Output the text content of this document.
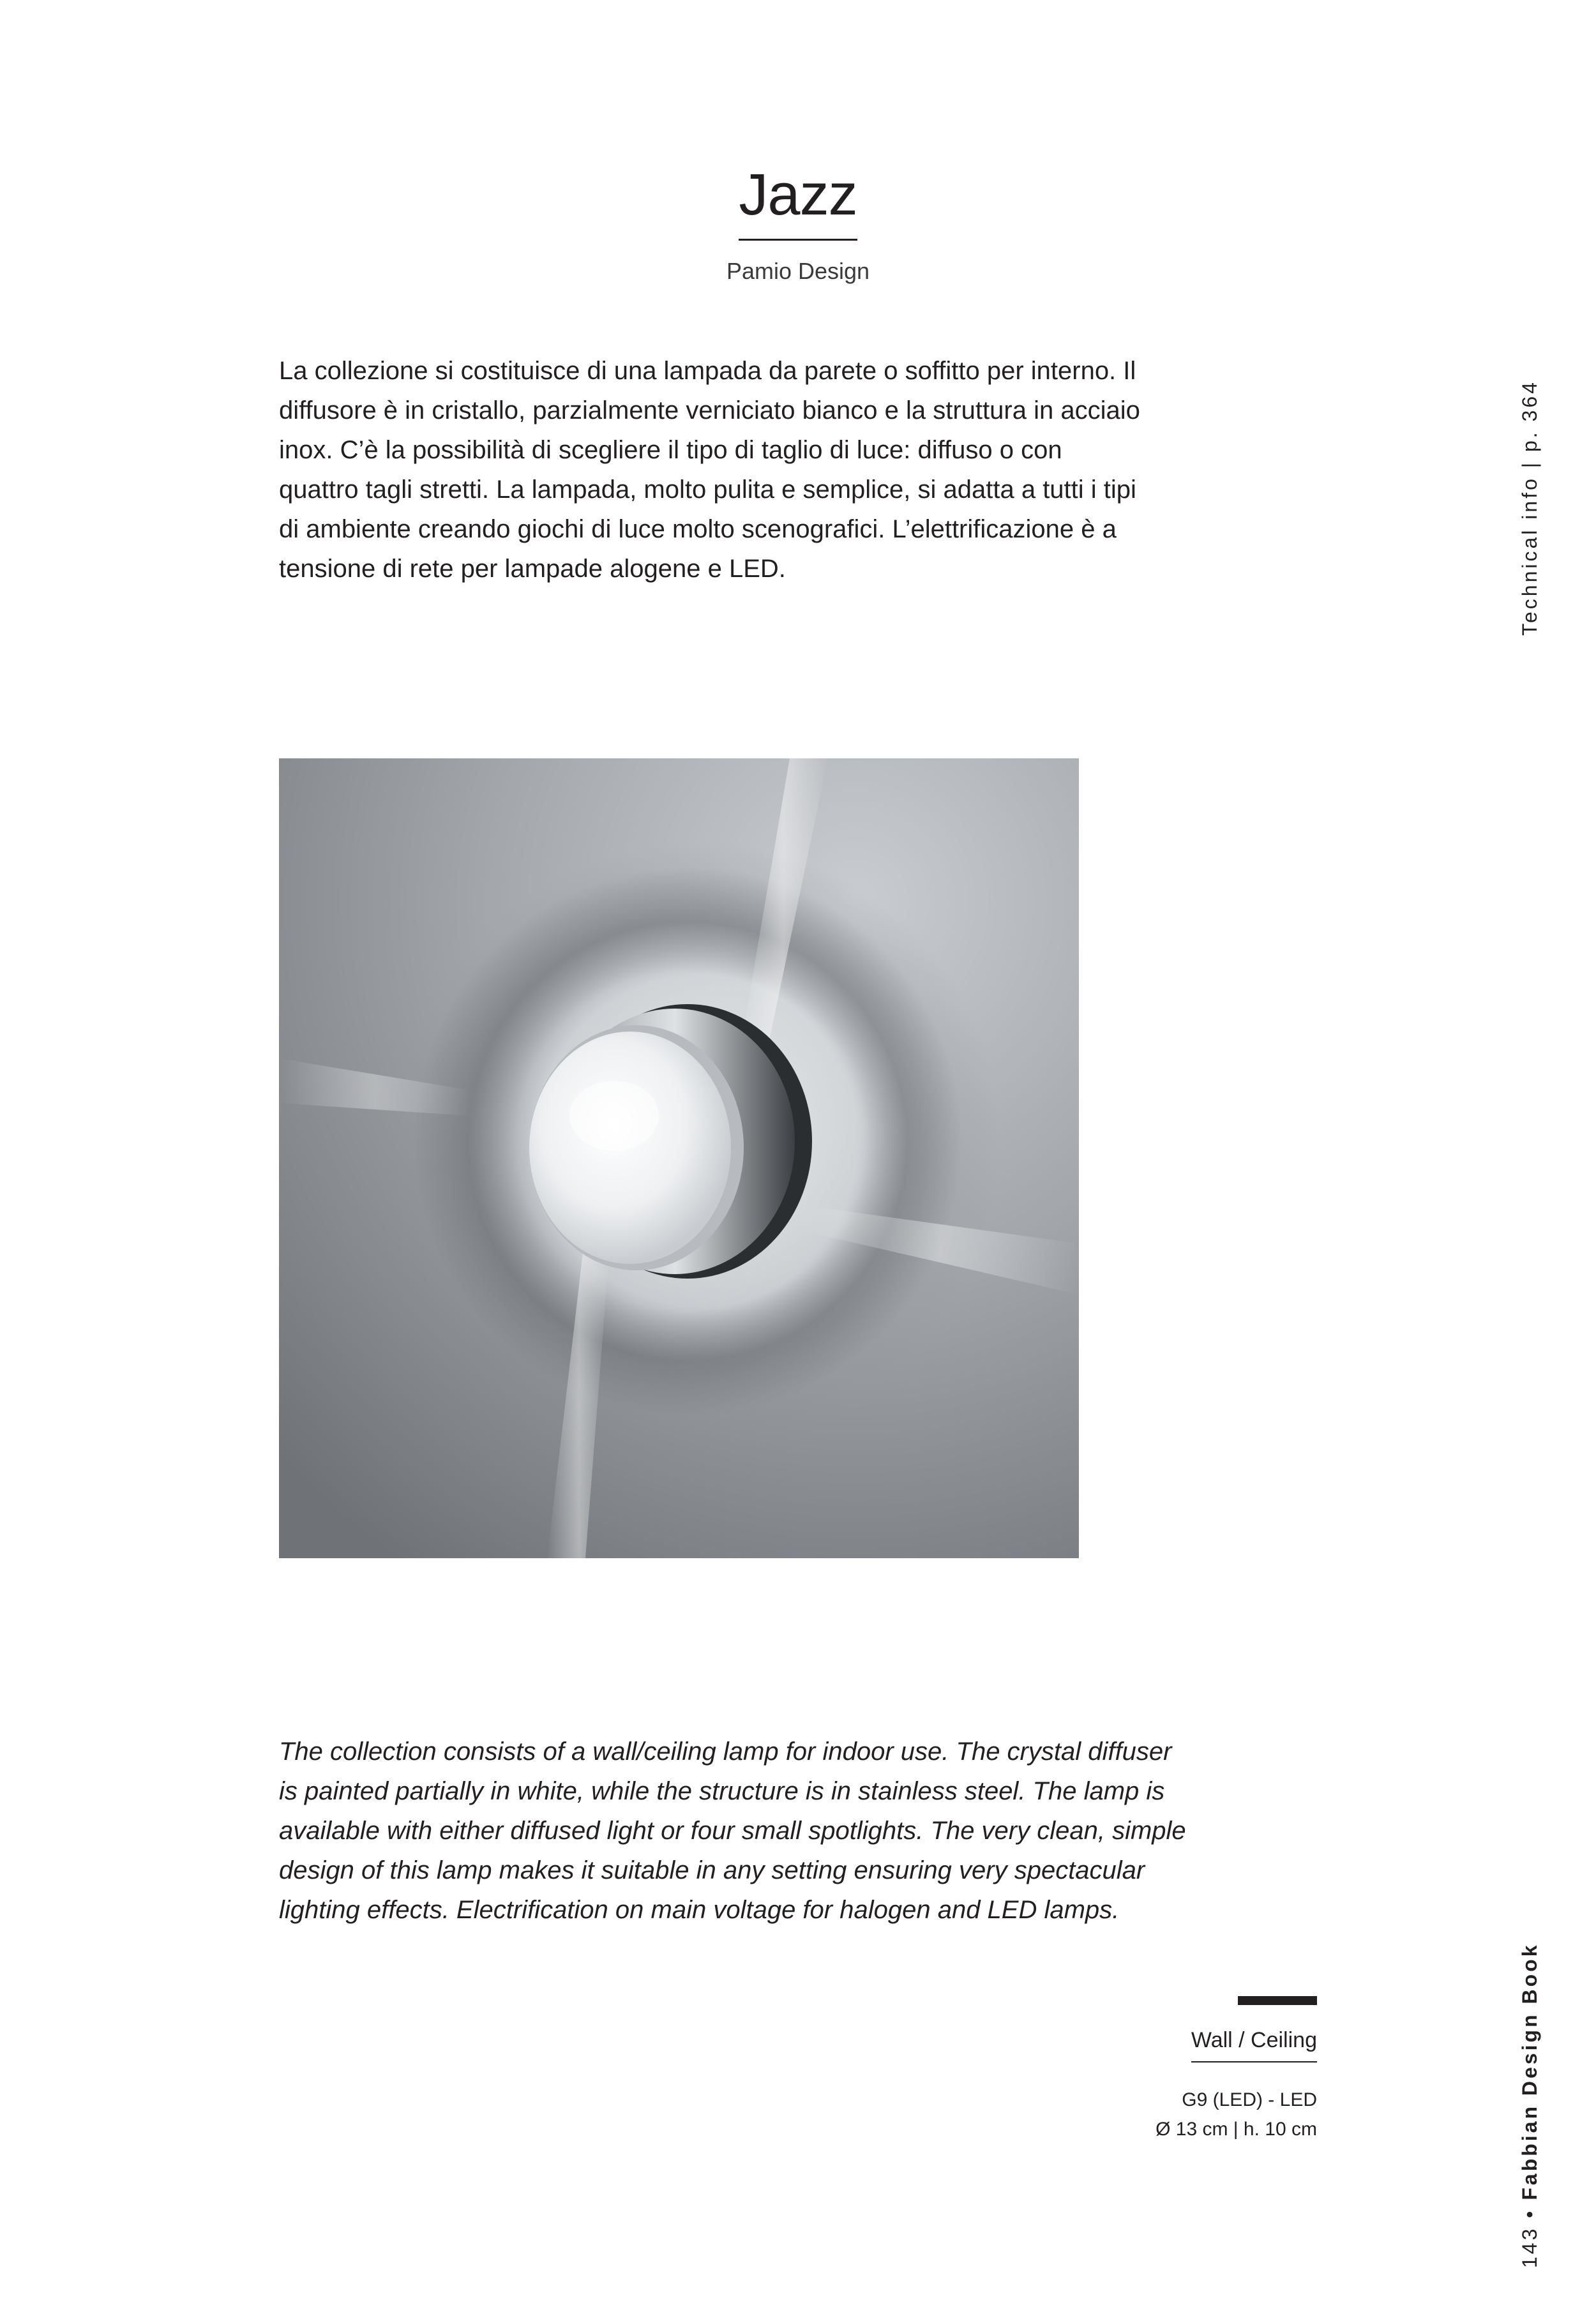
Jazz
Pamio Design

La collezione si costituisce di una lampada da parete o soffitto per interno. Il
diffusore è in cristallo, parzialmente verniciato bianco e la struttura in acciaio
inox. C’è la possibilità di scegliere il tipo di taglio di luce: diffuso o con
quattro tagli stretti. La lampada, molto pulita e semplice, si adatta a tutti i tipi
di ambiente creando giochi di luce molto scenografici. L’elettrificazione è a
tensione di rete per lampade alogene e LED.

The collection consists of a wall/ceiling lamp for indoor use. The crystal diffuser
is painted partially in white, while the structure is in stainless steel. The lamp is
available with either diffused light or four small spotlights. The very clean, simple
design of this lamp makes it suitable in any setting ensuring very spectacular
lighting effects. Electrification on main voltage for halogen and LED lamps.

Wall / Ceiling
G9 (LED) - LED
Ø 13 cm | h. 10 cm
Technical info | p. 364
143 • Fabbian Design Book
